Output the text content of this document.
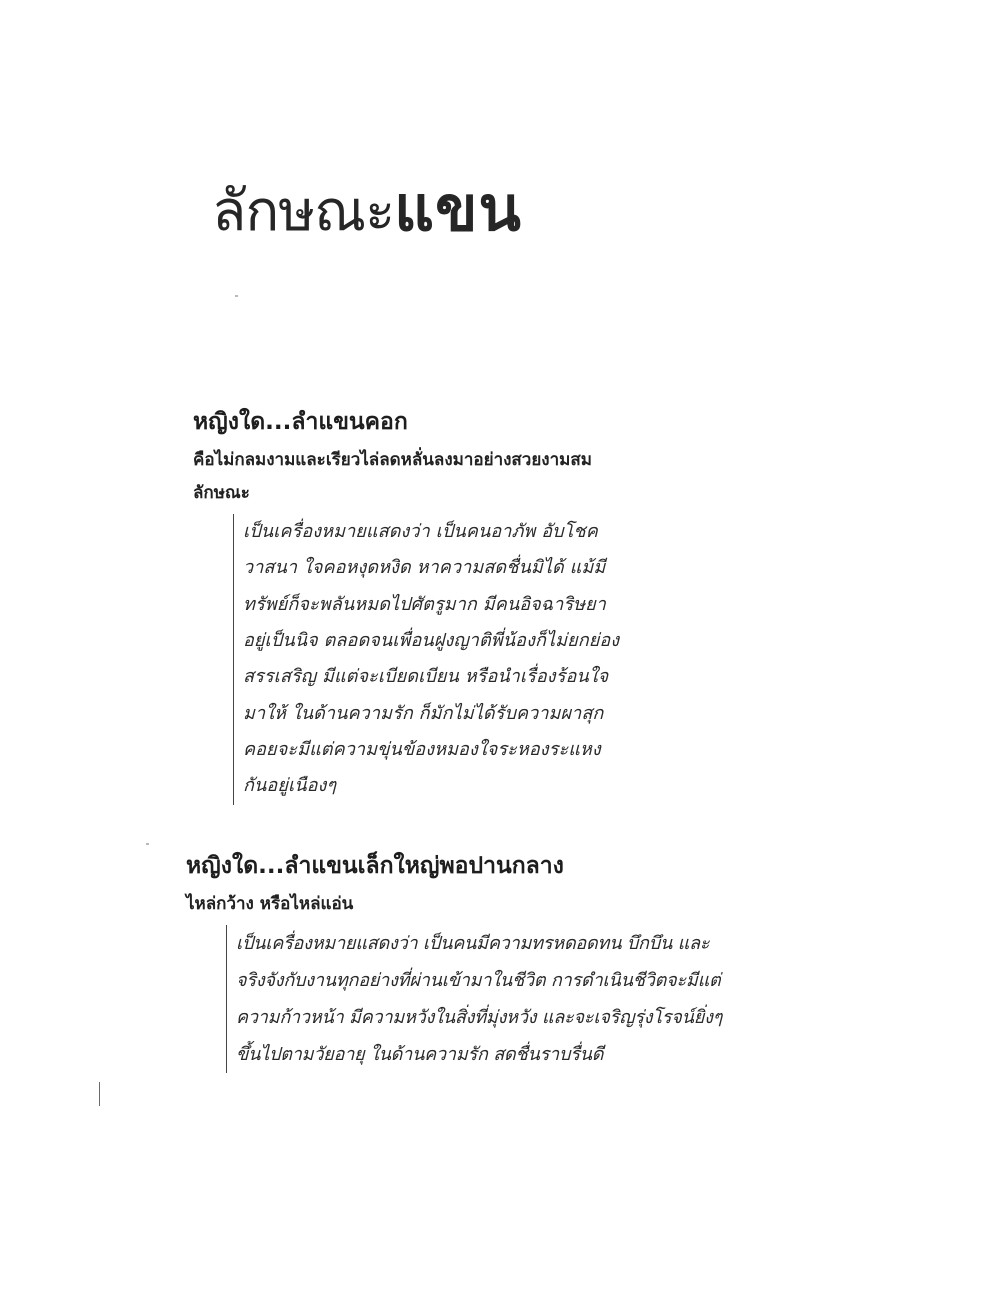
ลักษณะแขน
หญิงใด...ลำแขนคอก

คือไม่กลมงามและเรียวไล่ลดหลั่นลงมาอย่างสวยงามสมลักษณะ

เป็นเครื่องหมายแสดงว่า เป็นคนอาภัพ อับโชค
วาสนา ใจคอหงุดหงิด หาความสดชื่นมิได้ แม้มี
ทรัพย์ก็จะพลันหมดไปศัตรูมาก มีคนอิจฉาริษยา
อยู่เป็นนิจ ตลอดจนเพื่อนฝูงญาติพี่น้องก็ไม่ยกย่อง
สรรเสริญ มีแต่จะเบียดเบียน หรือนำเรื่องร้อนใจ
มาให้ ในด้านความรัก ก็มักไม่ได้รับความผาสุก
คอยจะมีแต่ความขุ่นข้องหมองใจระหองระแหง
กันอยู่เนืองๆ
หญิงใด...ลำแขนเล็กใหญ่พอปานกลาง

ไหล่กว้าง หรือไหล่แอ่น

เป็นเครื่องหมายแสดงว่า เป็นคนมีความทรหดอดทน บึกบึน และ
จริงจังกับงานทุกอย่างที่ผ่านเข้ามาในชีวิต การดำเนินชีวิตจะมีแต่
ความก้าวหน้า มีความหวังในสิ่งที่มุ่งหวัง และจะเจริญรุ่งโรจน์ยิ่งๆ
ขึ้นไปตามวัยอายุ ในด้านความรัก สดชื่นราบรื่นดี
